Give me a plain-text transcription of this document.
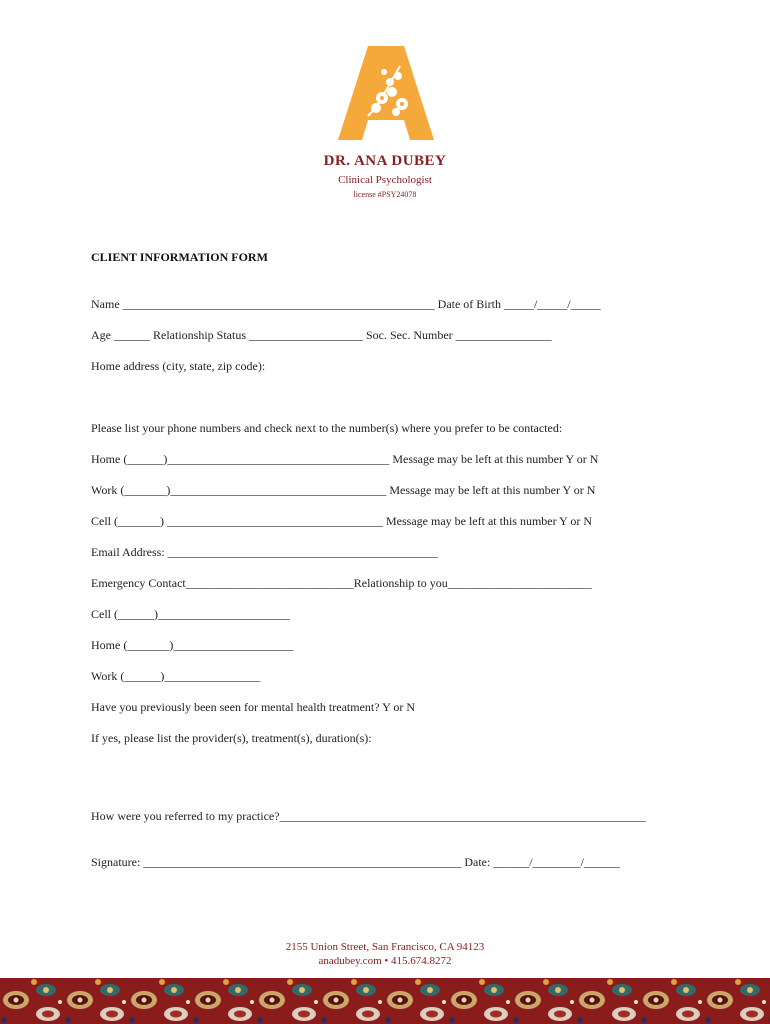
DR. ANA DUBEY
Clinical Psychologist
license #PSY24078
CLIENT INFORMATION FORM
Name ____________________________________________________ Date of Birth _____/_____/_____
Age ______ Relationship Status ___________________ Soc. Sec. Number ________________
Home address (city, state, zip code):
Please list your phone numbers and check next to the number(s) where you prefer to be contacted:
Home (______)_____________________________________ Message may be left at this number Y or N
Work (_______)____________________________________ Message may be left at this number Y or N
Cell (_______) ____________________________________ Message may be left at this number Y or N
Email Address: _____________________________________________
Emergency Contact____________________________Relationship to you________________________
Cell (______)______________________
Home (_______)____________________
Work (______)________________
Have you previously been seen for mental health treatment? Y or N
If yes, please list the provider(s), treatment(s), duration(s):
How were you referred to my practice?_____________________________________________________________
Signature: _____________________________________________________ Date: ______/________/______
2155 Union Street, San Francisco, CA 94123
anadubey.com • 415.674.8272
